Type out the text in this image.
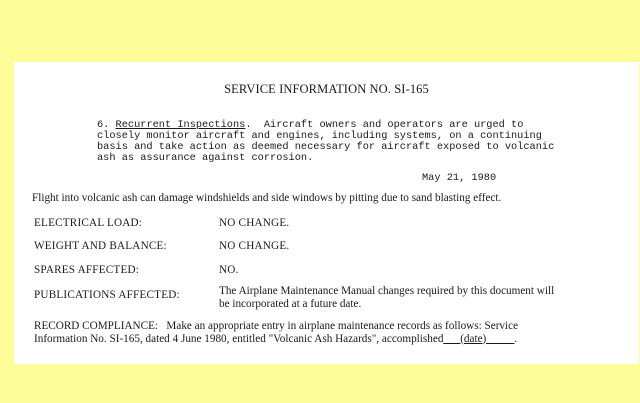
SERVICE INFORMATION NO. SI-165
6. Recurrent Inspections.  Aircraft owners and operators are urged to
closely monitor aircraft and engines, including systems, on a continuing
basis and take action as deemed necessary for aircraft exposed to volcanic
ash as assurance against corrosion.
May 21, 1980
Flight into volcanic ash can damage windshields and side windows by pitting due to sand blasting effect.
ELECTRICAL LOAD:	NO CHANGE.
WEIGHT AND BALANCE:	NO CHANGE.
SPARES AFFECTED:	NO.
PUBLICATIONS AFFECTED:	The Airplane Maintenance Manual changes required by this document will
be incorporated at a future date.
RECORD COMPLIANCE:   Make an appropriate entry in airplane maintenance records as follows: Service
Information No. SI-165, dated 4 June 1980, entitled "Volcanic Ash Hazards", accomplished___(date)_____.
